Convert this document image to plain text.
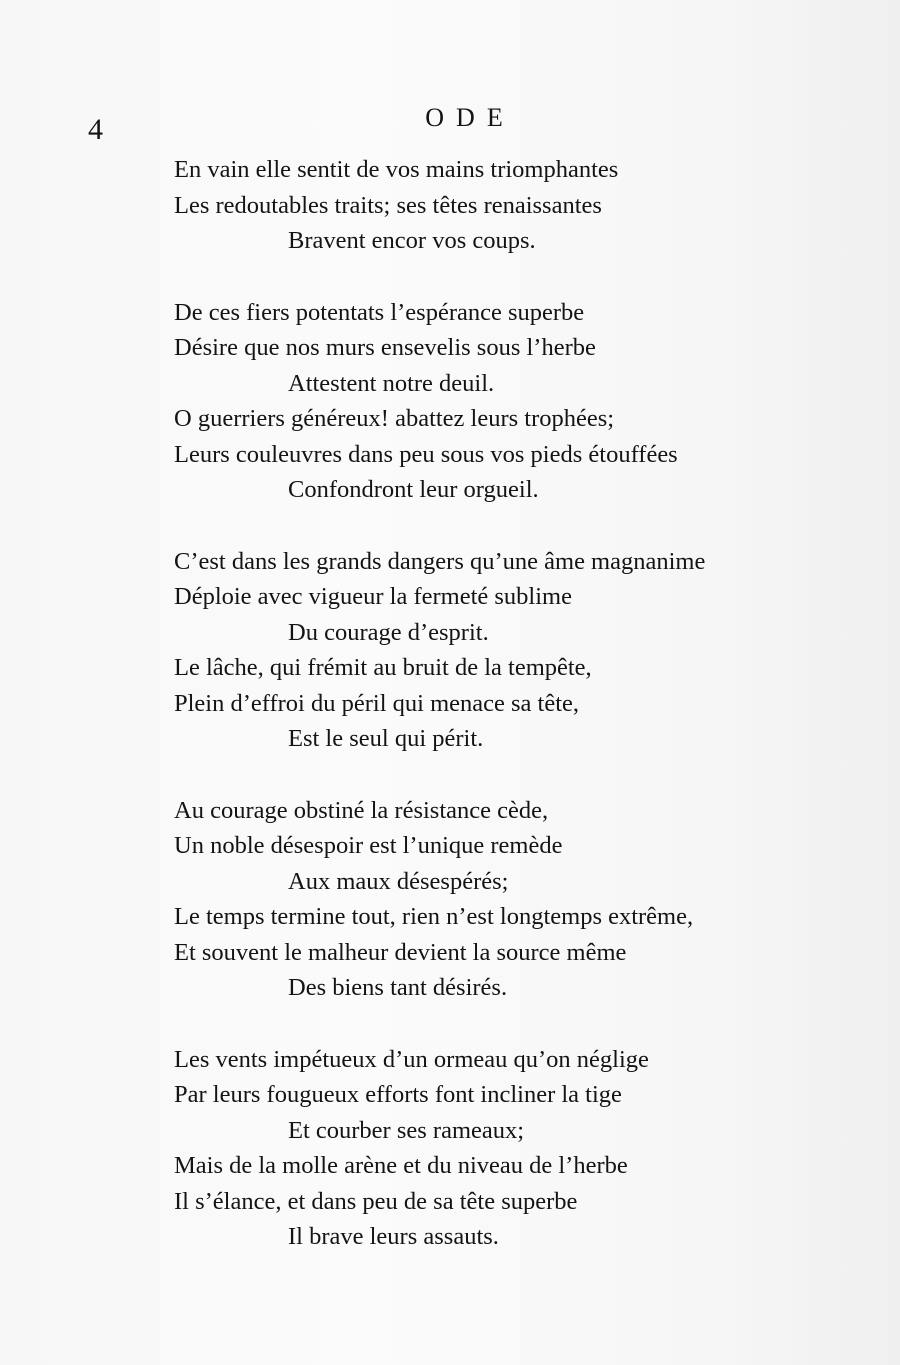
4	ODE
En vain elle sentit de vos mains triomphantes
Les redoutables traits; ses têtes renaissantes
Bravent encor vos coups.
De ces fiers potentats l’espérance superbe
Désire que nos murs ensevelis sous l’herbe
Attestent notre deuil.
O guerriers généreux! abattez leurs trophées;
Leurs couleuvres dans peu sous vos pieds étouffées
Confondront leur orgueil.
C’est dans les grands dangers qu’une âme magnanime
Déploie avec vigueur la fermeté sublime
Du courage d’esprit.
Le lâche, qui frémit au bruit de la tempête,
Plein d’effroi du péril qui menace sa tête,
Est le seul qui périt.
Au courage obstiné la résistance cède,
Un noble désespoir est l’unique remède
Aux maux désespérés;
Le temps termine tout, rien n’est longtemps extrême,
Et souvent le malheur devient la source même
Des biens tant désirés.
Les vents impétueux d’un ormeau qu’on néglige
Par leurs fougueux efforts font incliner la tige
Et courber ses rameaux;
Mais de la molle arène et du niveau de l’herbe
Il s’élance, et dans peu de sa tête superbe
Il brave leurs assauts.
